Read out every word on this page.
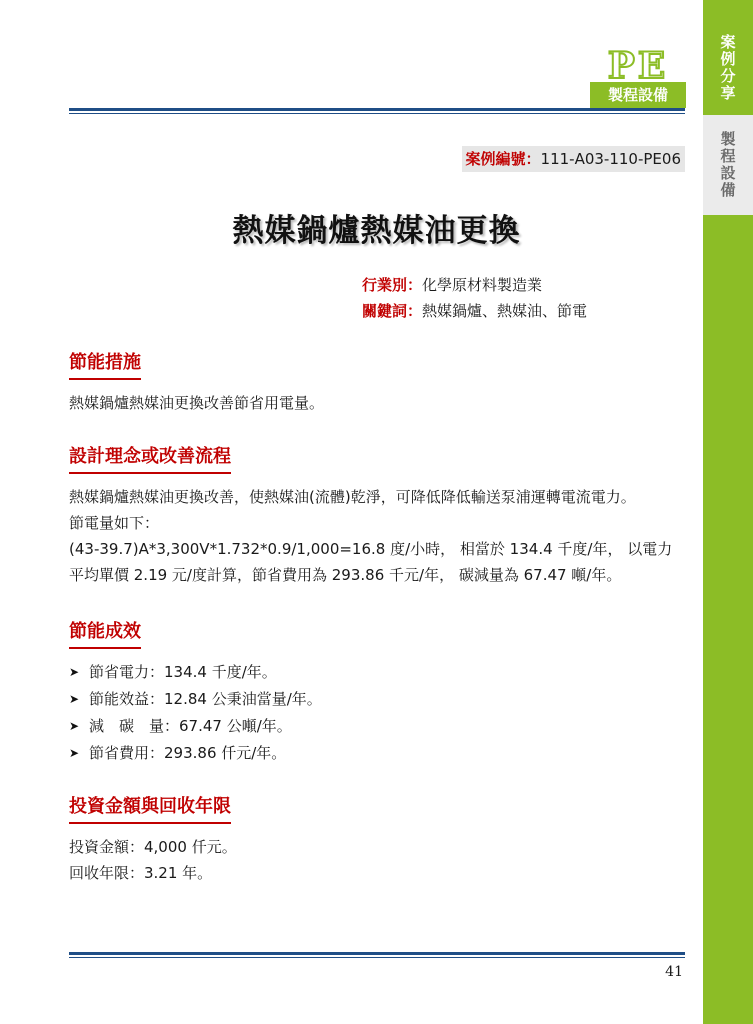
案
例
分
享
製
程
設
備
PE
製程設備
案例編號：111-A03-110-PE06
熱媒鍋爐熱媒油更換
行業別：化學原材料製造業
關鍵詞：熱媒鍋爐、熱媒油、節電
節能措施
熱媒鍋爐熱媒油更換改善節省用電量。
設計理念或改善流程
熱媒鍋爐熱媒油更換改善，使熱媒油(流體)乾淨，可降低降低輸送泵浦運轉電流電力。
節電量如下：
(43-39.7)A*3,300V*1.732*0.9/1,000=16.8 度/小時， 相當於 134.4 千度/年， 以電力
平均單價 2.19 元/度計算，節省費用為 293.86 千元/年， 碳減量為 67.47 噸/年。
節能成效
➤ 節省電力：134.4 千度/年。
➤ 節能效益：12.84 公秉油當量/年。
➤ 減　碳　量：67.47 公噸/年。
➤ 節省費用：293.86 仟元/年。
投資金額與回收年限
投資金額：4,000 仟元。
回收年限：3.21 年。
41
